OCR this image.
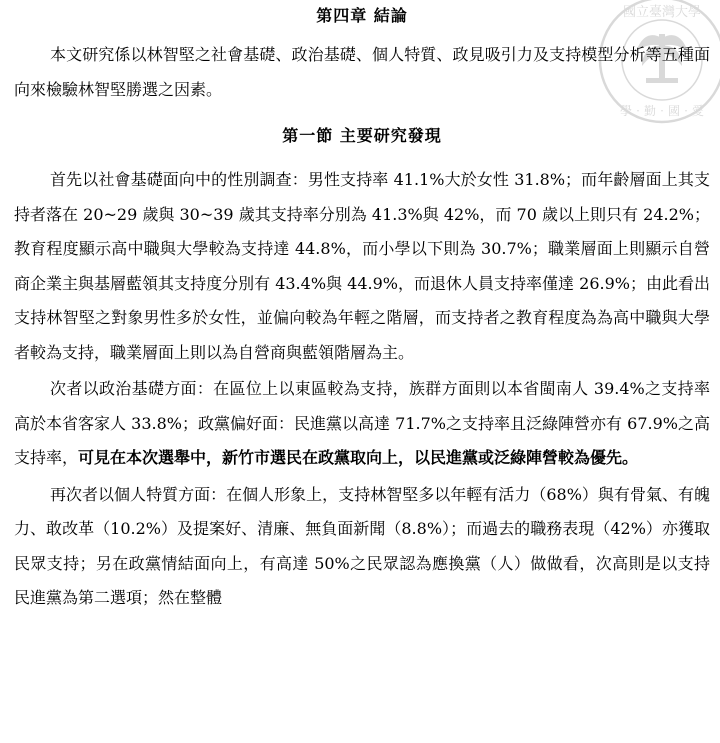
國立臺灣大學
學‧勤‧國‧愛
第四章 結論

本文研究係以林智堅之社會基礎、政治基礎、個人特質、政見吸引力及支持模型分析等五種面向來檢驗林智堅勝選之因素。

第一節 主要研究發現

首先以社會基礎面向中的性別調查：男性支持率 41.1%大於女性 31.8%；而年齡層面上其支持者落在 20~29 歲與 30~39 歲其支持率分別為 41.3%與 42%，而 70 歲以上則只有 24.2%；教育程度顯示高中職與大學較為支持達 44.8%，而小學以下則為 30.7%；職業層面上則顯示自營商企業主與基層藍領其支持度分別有 43.4%與 44.9%，而退休人員支持率僅達 26.9%；由此看出支持林智堅之對象男性多於女性，並偏向較為年輕之階層，而支持者之教育程度為為高中職與大學者較為支持，職業層面上則以為自營商與藍領階層為主。

次者以政治基礎方面：在區位上以東區較為支持，族群方面則以本省閩南人 39.4%之支持率高於本省客家人 33.8%；政黨偏好面：民進黨以高達 71.7%之支持率且泛綠陣營亦有 67.9%之高支持率，可見在本次選舉中，新竹市選民在政黨取向上，以民進黨或泛綠陣營較為優先。

再次者以個人特質方面：在個人形象上，支持林智堅多以年輕有活力（68%）與有骨氣、有魄力、敢改革（10.2%）及提案好、清廉、無負面新聞（8.8%）；而過去的職務表現（42%）亦獲取民眾支持；另在政黨情結面向上，有高達 50%之民眾認為應換黨（人）做做看，次高則是以支持民進黨為第二選項；然在整體
